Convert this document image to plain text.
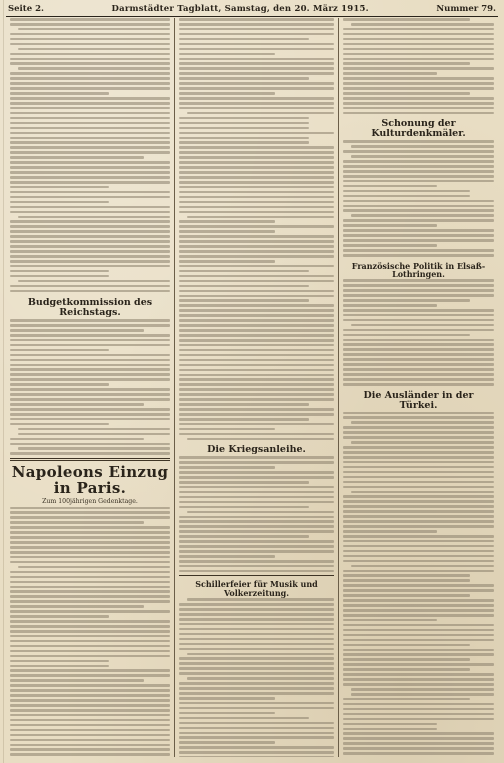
Seite 2.	Darmstädter Tagblatt, Samstag, den 20. März 1915.	Nummer 79.
Budgetkommission des Reichstags.
Napoleons Einzug in Paris.
Zum 100jährigen Gedenktage.
Die Kriegsanleihe.
Schillerfeier für Musik und Volkerzeitung.
Schonung der Kulturdenkmäler.
Französische Politik in Elsaß-Lothringen.
Die Ausländer in der Türkei.
